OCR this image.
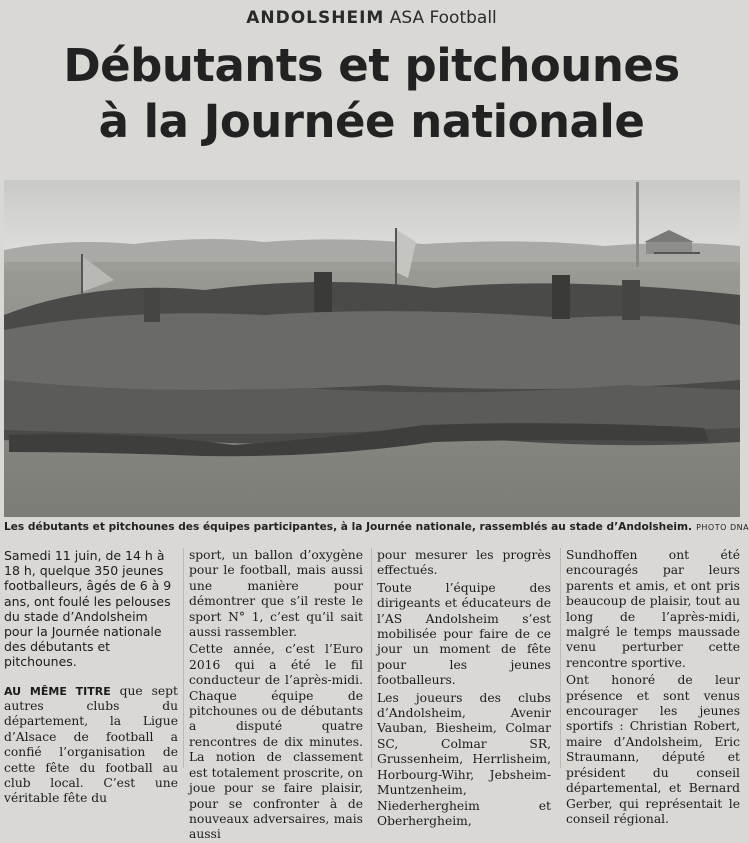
ANDOLSHEIM ASA Football
Débutants et pitchounes
à la Journée nationale
Les débutants et pitchounes des équipes participantes, à la Journée nationale, rassemblés au stade d’Andolsheim. PHOTO DNA

Samedi 11 juin, de 14 h à 18 h, quelque 350 jeunes footballeurs, âgés de 6 à 9 ans, ont foulé les pelouses du stade d’Andolsheim pour la Journée nationale des débutants et pitchounes.

AU MÊME TITRE que sept autres clubs du département, la Ligue d’Alsace de football a confié l’organisation de cette fête du football au club local. C’est une véritable fête du

sport, un ballon d’oxygène pour le football, mais aussi une manière pour démontrer que s’il reste le sport N° 1, c’est qu’il sait aussi rassembler.

Cette année, c’est l’Euro 2016 qui a été le fil conducteur de l’après-midi. Chaque équipe de pitchounes ou de débutants a disputé quatre rencontres de dix minutes. La notion de classement est totalement proscrite, on joue pour se faire plaisir, pour se confronter à de nouveaux adversaires, mais aussi

pour mesurer les progrès effectués.

Toute l’équipe des dirigeants et éducateurs de l’AS Andolsheim s’est mobilisée pour faire de ce jour un moment de fête pour les jeunes footballeurs.

Les joueurs des clubs d’Andolsheim, Avenir Vauban, Biesheim, Colmar SC, Colmar SR, Grussenheim, Herrlisheim, Horbourg-Wihr, Jebsheim-Muntzenheim, Niederhergheim et Oberhergheim,

Sundhoffen ont été encouragés par leurs parents et amis, et ont pris beaucoup de plaisir, tout au long de l’après-midi, malgré le temps maussade venu perturber cette rencontre sportive.

Ont honoré de leur présence et sont venus encourager les jeunes sportifs : Christian Robert, maire d’Andolsheim, Eric Straumann, député et président du conseil départemental, et Bernard Gerber, qui représentait le conseil régional.
